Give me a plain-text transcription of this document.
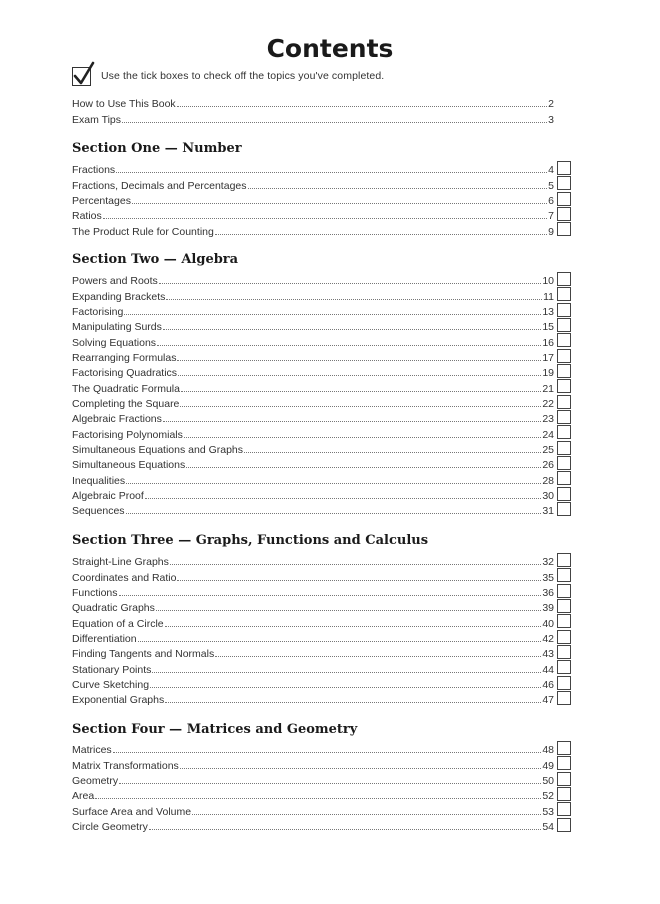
Contents
Use the tick boxes to check off the topics you've completed.
How to Use This Book	2
Exam Tips	3
Section One — Number
Fractions	4
Fractions, Decimals and Percentages	5
Percentages	6
Ratios	7
The Product Rule for Counting	9
Section Two — Algebra
Powers and Roots	10
Expanding Brackets	11
Factorising	13
Manipulating Surds	15
Solving Equations	16
Rearranging Formulas	17
Factorising Quadratics	19
The Quadratic Formula	21
Completing the Square	22
Algebraic Fractions	23
Factorising Polynomials	24
Simultaneous Equations and Graphs	25
Simultaneous Equations	26
Inequalities	28
Algebraic Proof	30
Sequences	31
Section Three — Graphs, Functions and Calculus
Straight-Line Graphs	32
Coordinates and Ratio	35
Functions	36
Quadratic Graphs	39
Equation of a Circle	40
Differentiation	42
Finding Tangents and Normals	43
Stationary Points	44
Curve Sketching	46
Exponential Graphs	47
Section Four — Matrices and Geometry
Matrices	48
Matrix Transformations	49
Geometry	50
Area	52
Surface Area and Volume	53
Circle Geometry	54
